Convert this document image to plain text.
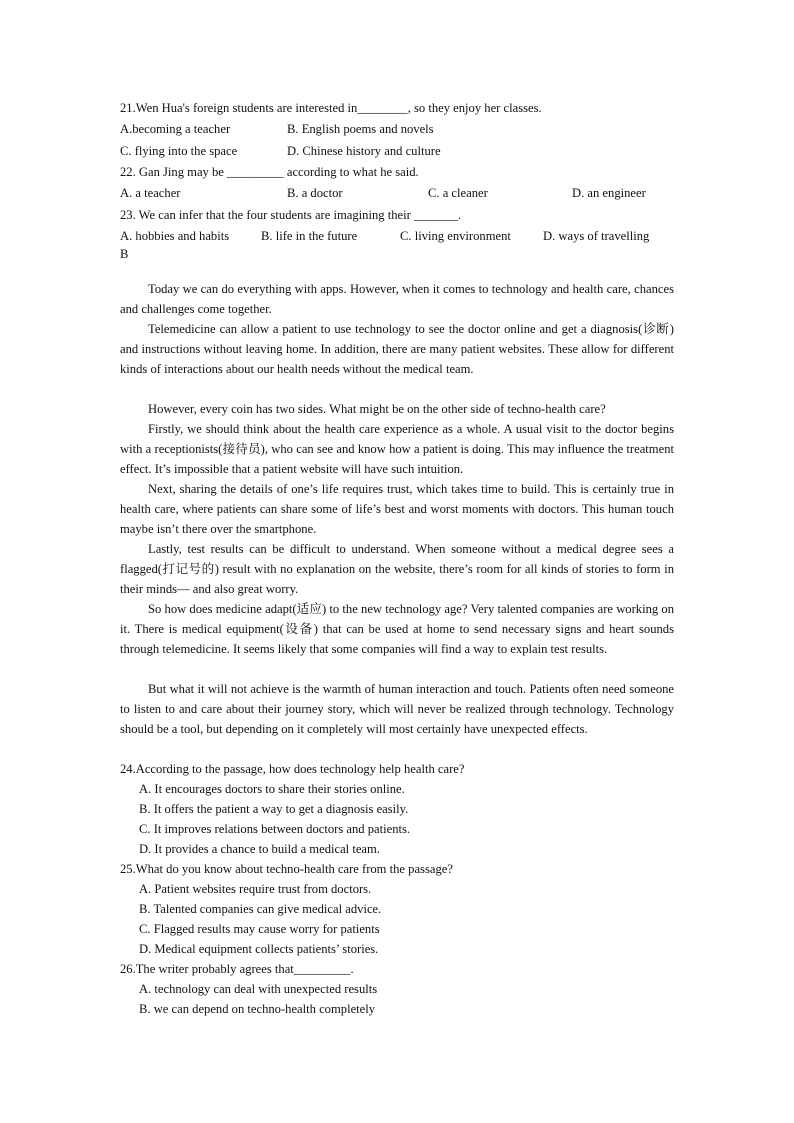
21.Wen Hua's foreign students are interested in________, so they enjoy her classes.
A.becoming a teacher	B. English poems and novels
C. flying into the space	D. Chinese history and culture
22. Gan Jing may be _________ according to what he said.
A. a teacher	B. a doctor	C. a cleaner	D. an engineer
23. We can infer that the four students are imagining their _______.
A. hobbies and habits	B. life in the future	C. living environment	D. ways of travelling
B
Today we can do everything with apps. However, when it comes to technology and health care, chances and challenges come together.
Telemedicine can allow a patient to use technology to see the doctor online and get a diagnosis(诊断) and instructions without leaving home. In addition, there are many patient websites. These allow for different kinds of interactions about our health needs without the medical team.
However, every coin has two sides. What might be on the other side of techno-health care?
Firstly, we should think about the health care experience as a whole. A usual visit to the doctor begins with a receptionists(接待员), who can see and know how a patient is doing. This may influence the treatment effect. It’s impossible that a patient website will have such intuition.
Next, sharing the details of one’s life requires trust, which takes time to build. This is certainly true in health care, where patients can share some of life’s best and worst moments with doctors. This human touch maybe isn’t there over the smartphone.
Lastly, test results can be difficult to understand. When someone without a medical degree sees a flagged(打记号的) result with no explanation on the website, there’s room for all kinds of stories to form in their minds— and also great worry.
So how does medicine adapt(适应) to the new technology age? Very talented companies are working on it. There is medical equipment(设备) that can be used at home to send necessary signs and heart sounds through telemedicine. It seems likely that some companies will find a way to explain test results.
But what it will not achieve is the warmth of human interaction and touch. Patients often need someone to listen to and care about their journey story, which will never be realized through technology. Technology should be a tool, but depending on it completely will most certainly have unexpected effects.
24.According to the passage, how does technology help health care?
A. It encourages doctors to share their stories online.
B. It offers the patient a way to get a diagnosis easily.
C. It improves relations between doctors and patients.
D. It provides a chance to build a medical team.
25.What do you know about techno-health care from the passage?
A. Patient websites require trust from doctors.
B. Talented companies can give medical advice.
C. Flagged results may cause worry for patients
D. Medical equipment collects patients’ stories.
26.The writer probably agrees that_________.
A. technology can deal with unexpected results
B. we can depend on techno-health completely
